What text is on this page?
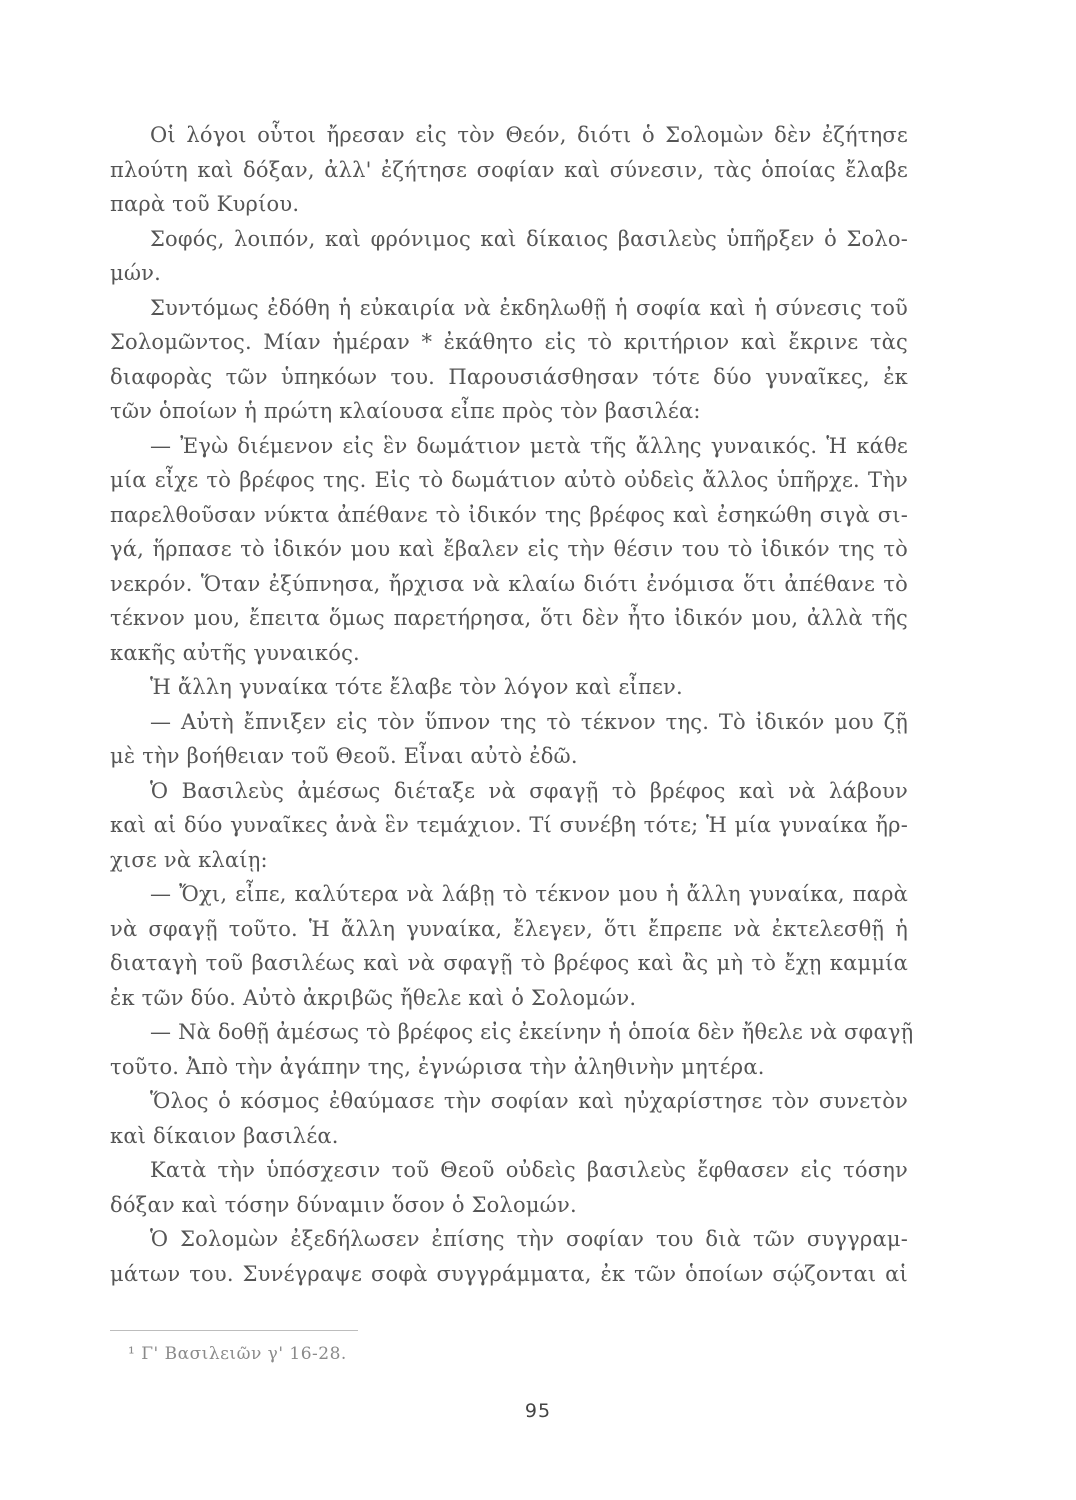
Οἱ λόγοι οὗτοι ἤρεσαν εἰς τὸν Θεόν, διότι ὁ Σολομὼν δὲν ἐζήτησε
πλούτη καὶ δόξαν, ἀλλ' ἐζήτησε σοφίαν καὶ σύνεσιν, τὰς ὁποίας ἔλαβε
παρὰ τοῦ Κυρίου.
Σοφός, λοιπόν, καὶ φρόνιμος καὶ δίκαιος βασιλεὺς ὑπῆρξεν ὁ Σολο-
μών.
Συντόμως ἐδόθη ἡ εὐκαιρία νὰ ἐκδηλωθῇ ἡ σοφία καὶ ἡ σύνεσις τοῦ
Σολομῶντος. Μίαν ἡμέραν * ἐκάθητο εἰς τὸ κριτήριον καὶ ἔκρινε τὰς
διαφορὰς τῶν ὑπηκόων του. Παρουσιάσθησαν τότε δύο γυναῖκες, ἐκ
τῶν ὁποίων ἡ πρώτη κλαίουσα εἶπε πρὸς τὸν βασιλέα:
— Ἐγὼ διέμενον εἰς ἓν δωμάτιον μετὰ τῆς ἄλλης γυναικός. Ἡ κάθε
μία εἶχε τὸ βρέφος της. Εἰς τὸ δωμάτιον αὐτὸ οὐδεὶς ἄλλος ὑπῆρχε. Τὴν
παρελθοῦσαν νύκτα ἀπέθανε τὸ ἰδικόν της βρέφος καὶ ἐσηκώθη σιγὰ σι-
γά, ἥρπασε τὸ ἰδικόν μου καὶ ἔβαλεν εἰς τὴν θέσιν του τὸ ἰδικόν της τὸ
νεκρόν. Ὅταν ἐξύπνησα, ἤρχισα νὰ κλαίω διότι ἐνόμισα ὅτι ἀπέθανε τὸ
τέκνον μου, ἔπειτα ὅμως παρετήρησα, ὅτι δὲν ἦτο ἰδικόν μου, ἀλλὰ τῆς
κακῆς αὐτῆς γυναικός.
Ἡ ἄλλη γυναίκα τότε ἔλαβε τὸν λόγον καὶ εἶπεν.
— Αὐτὴ ἔπνιξεν εἰς τὸν ὕπνον της τὸ τέκνον της. Τὸ ἰδικόν μου ζῇ
μὲ τὴν βοήθειαν τοῦ Θεοῦ. Εἶναι αὐτὸ ἐδῶ.
Ὁ Βασιλεὺς ἀμέσως διέταξε νὰ σφαγῇ τὸ βρέφος καὶ νὰ λάβουν
καὶ αἱ δύο γυναῖκες ἀνὰ ἓν τεμάχιον. Τί συνέβη τότε; Ἡ μία γυναίκα ἤρ-
χισε νὰ κλαίῃ:
— Ὄχι, εἶπε, καλύτερα νὰ λάβῃ τὸ τέκνον μου ἡ ἄλλη γυναίκα, παρὰ
νὰ σφαγῇ τοῦτο. Ἡ ἄλλη γυναίκα, ἔλεγεν, ὅτι ἔπρεπε νὰ ἐκτελεσθῇ ἡ
διαταγὴ τοῦ βασιλέως καὶ νὰ σφαγῇ τὸ βρέφος καὶ ἂς μὴ τὸ ἔχῃ καμμία
ἐκ τῶν δύο. Αὐτὸ ἀκριβῶς ἤθελε καὶ ὁ Σολομών.
— Νὰ δοθῇ ἀμέσως τὸ βρέφος εἰς ἐκείνην ἡ ὁποία δὲν ἤθελε νὰ σφαγῇ
τοῦτο. Ἀπὸ τὴν ἀγάπην της, ἐγνώρισα τὴν ἀληθινὴν μητέρα.
Ὅλος ὁ κόσμος ἐθαύμασε τὴν σοφίαν καὶ ηὐχαρίστησε τὸν συνετὸν
καὶ δίκαιον βασιλέα.
Κατὰ τὴν ὑπόσχεσιν τοῦ Θεοῦ οὐδεὶς βασιλεὺς ἔφθασεν εἰς τόσην
δόξαν καὶ τόσην δύναμιν ὅσον ὁ Σολομών.
Ὁ Σολομὼν ἐξεδήλωσεν ἐπίσης τὴν σοφίαν του διὰ τῶν συγγραμ-
μάτων του. Συνέγραψε σοφὰ συγγράμματα, ἐκ τῶν ὁποίων σῴζονται αἱ
¹ Γ' Βασιλειῶν γ' 16-28.
95
